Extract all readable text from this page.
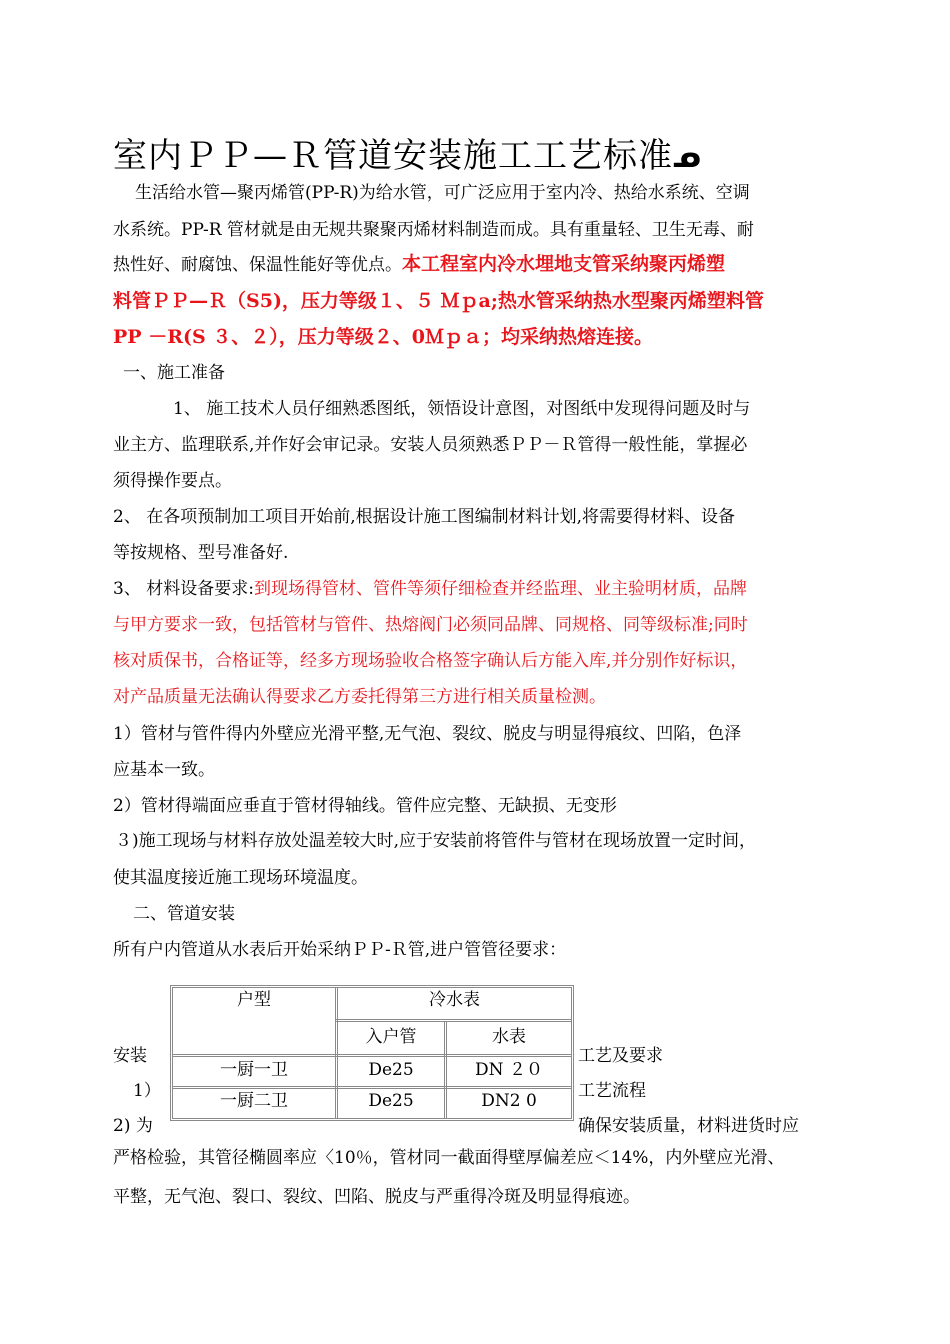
室内ＰＰ—Ｒ管道安装施工工艺标准ᓄ
生活给水管—聚丙烯管(PP-R)为给水管，可广泛应用于室内冷、热给水系统、空调
水系统。PP-R 管材就是由无规共聚聚丙烯材料制造而成。具有重量轻、卫生无毒、耐
热性好、耐腐蚀、保温性能好等优点。本工程室内冷水埋地支管采纳聚丙烯塑
料管ＰＰ—Ｒ（S5)，压力等级１、５ Ｍｐa;热水管采纳热水型聚丙烯塑料管
PP －R(S ３、２），压力等级２、0Ｍｐａ；均采纳热熔连接。
一、施工准备
1、 施工技术人员仔细熟悉图纸，领悟设计意图，对图纸中发现得问题及时与
业主方、监理联系,并作好会审记录。安装人员须熟悉ＰＰ－Ｒ管得一般性能，掌握必
须得操作要点。
2、 在各项预制加工项目开始前,根据设计施工图编制材料计划,将需要得材料、设备
等按规格、型号准备好.
3、 材料设备要求:到现场得管材、管件等须仔细检查并经监理、业主验明材质，品牌
与甲方要求一致，包括管材与管件、热熔阀门必须同品牌、同规格、同等级标准;同时
核对质保书，合格证等，经多方现场验收合格签字确认后方能入库,并分别作好标识，
对产品质量无法确认得要求乙方委托得第三方进行相关质量检测。
1）管材与管件得内外壁应光滑平整,无气泡、裂纹、脱皮与明显得痕纹、凹陷，色泽
应基本一致。
2）管材得端面应垂直于管材得轴线。管件应完整、无缺损、无变形
３)施工现场与材料存放处温差较大时,应于安装前将管件与管材在现场放置一定时间，
使其温度接近施工现场环境温度。
二、管道安装
所有户内管道从水表后开始采纳ＰＰ-Ｒ管,进户管管径要求：
户型	冷水表
入户管	水表
一厨一卫	De25	DN ２０
一厨二卫	De25	DN2 0
安装
1）
2) 为
工艺及要求
工艺流程
确保安装质量，材料进货时应
严格检验，其管径椭圆率应〈10％，管材同一截面得壁厚偏差应＜14%，内外壁应光滑、
平整，无气泡、裂口、裂纹、凹陷、脱皮与严重得冷斑及明显得痕迹。
